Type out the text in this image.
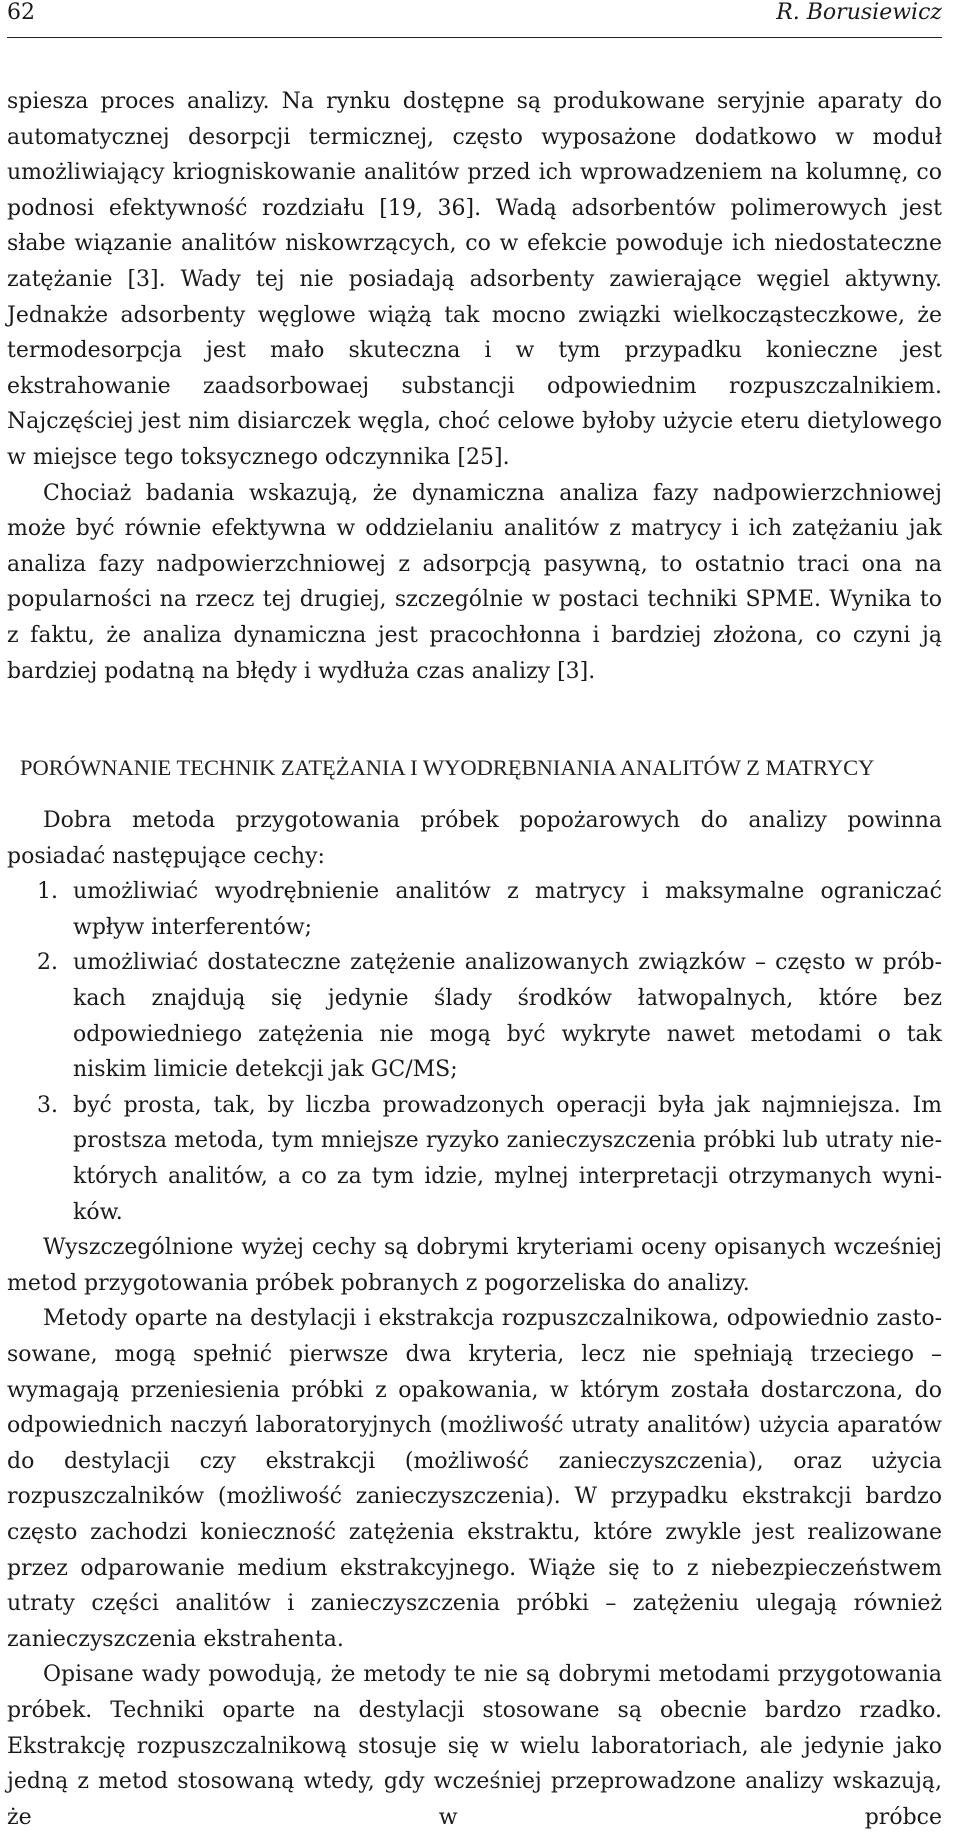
62	R. Borusiewicz

spiesza proces analizy. Na rynku dostępne są produkowane seryjnie aparaty do automatycznej desorpcji termicznej, często wyposażone dodatkowo w moduł umożliwiający kriogniskowanie analitów przed ich wprowadzeniem na kolumnę, co podnosi efektywność rozdziału [19, 36]. Wadą adsorbentów polimerowych jest słabe wiązanie analitów niskowrzących, co w efekcie powoduje ich niedostateczne zatężanie [3]. Wady tej nie posiadają adsorbenty zawierające węgiel aktywny. Jednakże adsorbenty węglowe wiążą tak mocno związki wielkocząsteczkowe, że termodesorpcja jest mało skuteczna i w tym przypadku konieczne jest ekstrahowanie zaadsorbowaej substancji odpowiednim rozpuszczalnikiem. Najczęściej jest nim disiarczek węgla, choć celowe byłoby użycie eteru dietylowego w miejsce tego toksycznego odczynnika [25].

Chociaż badania wskazują, że dynamiczna analiza fazy nadpowierzchniowej może być równie efektywna w oddzielaniu analitów z matrycy i ich zatężaniu jak analiza fazy nadpowierzchniowej z adsorpcją pasywną, to ostatnio traci ona na popularności na rzecz tej drugiej, szczególnie w postaci techniki SPME. Wynika to z faktu, że analiza dynamiczna jest pracochłonna i bardziej złożona, co czyni ją bardziej podatną na błędy i wydłuża czas analizy [3].

PORÓWNANIE TECHNIK ZATĘŻANIA I WYODRĘBNIANIA ANALITÓW Z MATRYCY

Dobra metoda przygotowania próbek popożarowych do analizy powinna posiadać następujące cechy:

1. umożliwiać wyodrębnienie analitów z matrycy i maksymalne ograniczać wpływ interferentów;
2. umożliwiać dostateczne zatężenie analizowanych związków – często w próbkach znajdują się jedynie ślady środków łatwopalnych, które bez odpowiedniego zatężenia nie mogą być wykryte nawet metodami o tak niskim limicie detekcji jak GC/MS;
3. być prosta, tak, by liczba prowadzonych operacji była jak najmniejsza. Im prostsza metoda, tym mniejsze ryzyko zanieczyszczenia próbki lub utraty niektórych analitów, a co za tym idzie, mylnej interpretacji otrzymanych wyników.

Wyszczególnione wyżej cechy są dobrymi kryteriami oceny opisanych wcześniej metod przygotowania próbek pobranych z pogorzeliska do analizy.

Metody oparte na destylacji i ekstrakcja rozpuszczalnikowa, odpowiednio zastosowane, mogą spełnić pierwsze dwa kryteria, lecz nie spełniają trzeciego – wymagają przeniesienia próbki z opakowania, w którym została dostarczona, do odpowiednich naczyń laboratoryjnych (możliwość utraty analitów) użycia aparatów do destylacji czy ekstrakcji (możliwość zanieczyszczenia), oraz użycia rozpuszczalników (możliwość zanieczyszczenia). W przypadku ekstrakcji bardzo często zachodzi konieczność zatężenia ekstraktu, które zwykle jest realizowane przez odparowanie medium ekstrakcyjnego. Wiąże się to z niebezpieczeństwem utraty części analitów i zanieczyszczenia próbki – zatężeniu ulegają również zanieczyszczenia ekstrahenta.

Opisane wady powodują, że metody te nie są dobrymi metodami przygotowania próbek. Techniki oparte na destylacji stosowane są obecnie bardzo rzadko. Ekstrakcję rozpuszczalnikową stosuje się w wielu laboratoriach, ale jedynie jako jedną z metod stosowaną wtedy, gdy wcześniej przeprowadzone analizy wskazują, że w próbce
